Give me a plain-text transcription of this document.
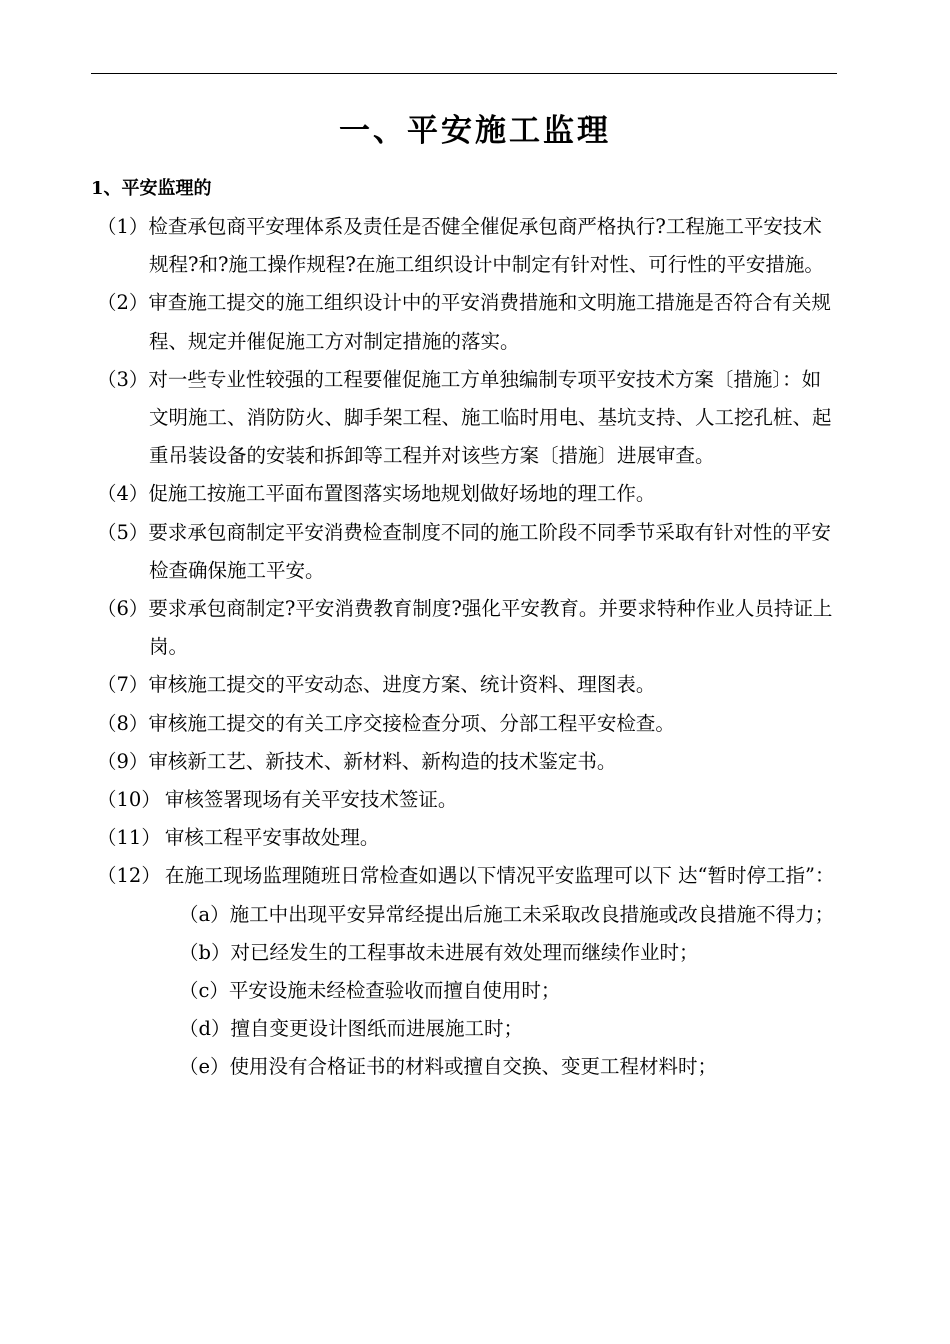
一、平安施工监理
1、平安监理的
（1）检查承包商平安理体系及责任是否健全催促承包商严格执行?工程施工平安技术规程?和?施工操作规程?在施工组织设计中制定有针对性、可行性的平安措施。
（2）审查施工提交的施工组织设计中的平安消费措施和文明施工措施是否符合有关规程、规定并催促施工方对制定措施的落实。
（3）对一些专业性较强的工程要催促施工方单独编制专项平安技术方案〔措施〕：如文明施工、消防防火、脚手架工程、施工临时用电、基坑支持、人工挖孔桩、起重吊装设备的安装和拆卸等工程并对该些方案〔措施〕进展审查。
（4）促施工按施工平面布置图落实场地规划做好场地的理工作。
（5）要求承包商制定平安消费检查制度不同的施工阶段不同季节采取有针对性的平安检查确保施工平安。
（6）要求承包商制定?平安消费教育制度?强化平安教育。并要求特种作业人员持证上岗。
（7）审核施工提交的平安动态、进度方案、统计资料、理图表。
（8）审核施工提交的有关工序交接检查分项、分部工程平安检查。
（9）审核新工艺、新技术、新材料、新构造的技术鉴定书。
（10） 审核签署现场有关平安技术签证。
（11） 审核工程平安事故处理。
（12） 在施工现场监理随班日常检查如遇以下情况平安监理可以下 达“暂时停工指”：
（a）施工中出现平安异常经提出后施工未采取改良措施或改良措施不得力；
（b）对已经发生的工程事故未进展有效处理而继续作业时；
（c）平安设施未经检查验收而擅自使用时；
（d）擅自变更设计图纸而进展施工时；
（e）使用没有合格证书的材料或擅自交换、变更工程材料时；
